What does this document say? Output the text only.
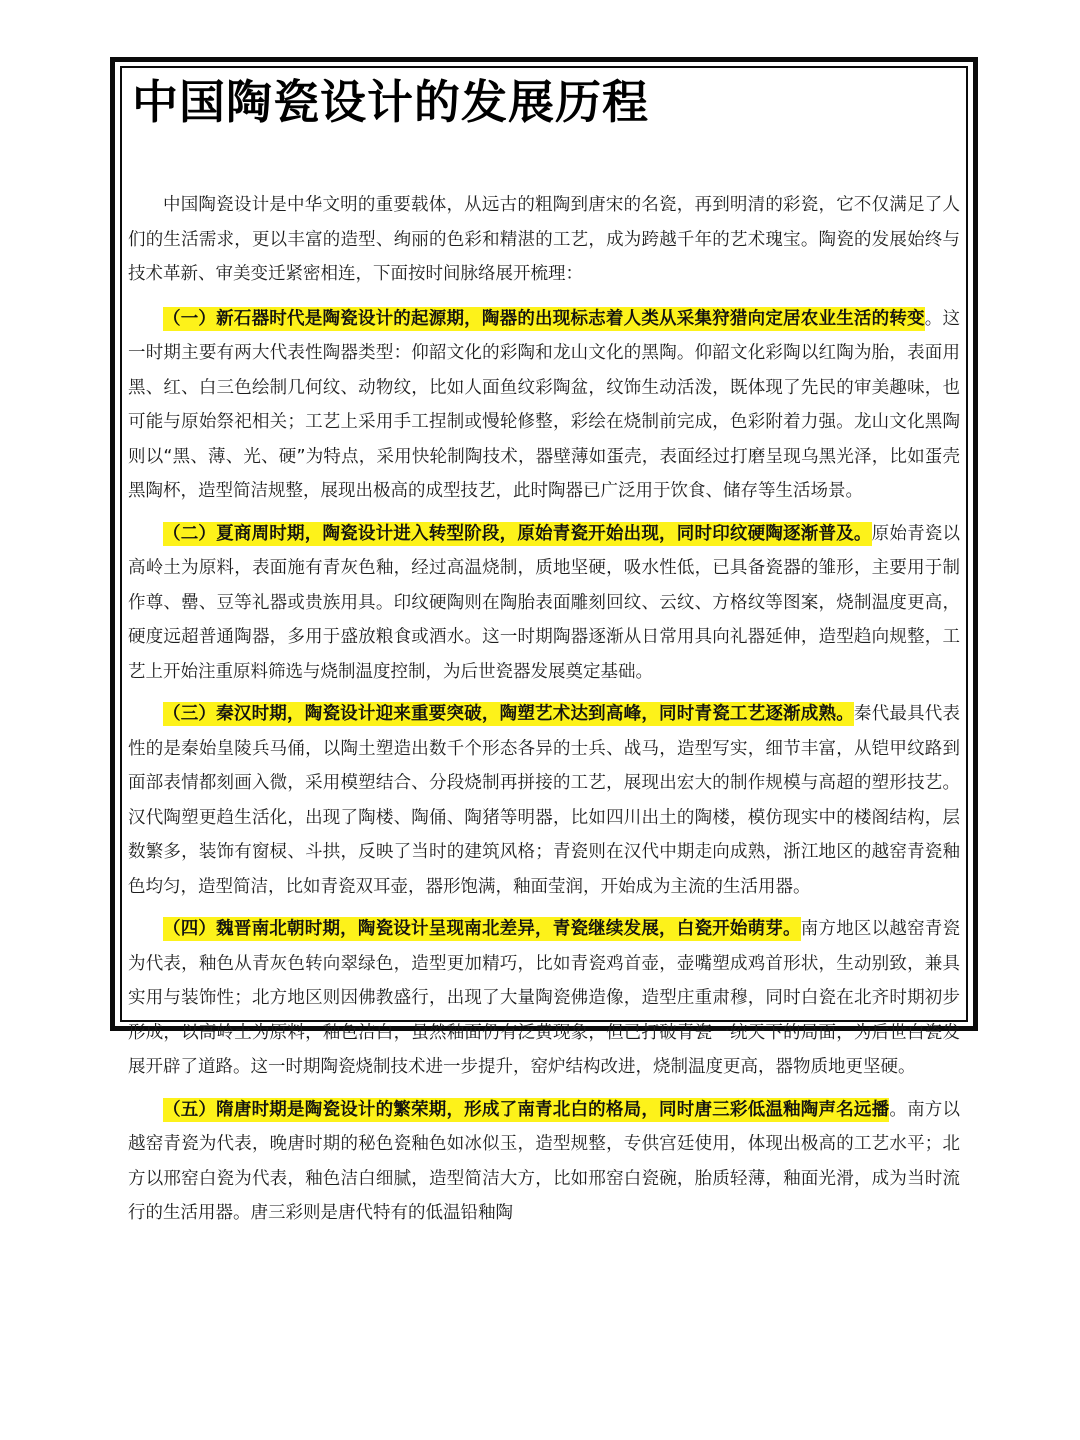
中国陶瓷设计的发展历程

中国陶瓷设计是中华文明的重要载体，从远古的粗陶到唐宋的名瓷，再到明清的彩瓷，它不仅满足了人们的生活需求，更以丰富的造型、绚丽的色彩和精湛的工艺，成为跨越千年的艺术瑰宝。陶瓷的发展始终与技术革新、审美变迁紧密相连，下面按时间脉络展开梳理：

（一）新石器时代是陶瓷设计的起源期，陶器的出现标志着人类从采集狩猎向定居农业生活的转变。这一时期主要有两大代表性陶器类型：仰韶文化的彩陶和龙山文化的黑陶。仰韶文化彩陶以红陶为胎，表面用黑、红、白三色绘制几何纹、动物纹，比如人面鱼纹彩陶盆，纹饰生动活泼，既体现了先民的审美趣味，也可能与原始祭祀相关；工艺上采用手工捏制或慢轮修整，彩绘在烧制前完成，色彩附着力强。龙山文化黑陶则以“黑、薄、光、硬”为特点，采用快轮制陶技术，器壁薄如蛋壳，表面经过打磨呈现乌黑光泽，比如蛋壳黑陶杯，造型简洁规整，展现出极高的成型技艺，此时陶器已广泛用于饮食、储存等生活场景。

（二）夏商周时期，陶瓷设计进入转型阶段，原始青瓷开始出现，同时印纹硬陶逐渐普及。原始青瓷以高岭土为原料，表面施有青灰色釉，经过高温烧制，质地坚硬，吸水性低，已具备瓷器的雏形，主要用于制作尊、罍、豆等礼器或贵族用具。印纹硬陶则在陶胎表面雕刻回纹、云纹、方格纹等图案，烧制温度更高，硬度远超普通陶器，多用于盛放粮食或酒水。这一时期陶器逐渐从日常用具向礼器延伸，造型趋向规整，工艺上开始注重原料筛选与烧制温度控制，为后世瓷器发展奠定基础。

（三）秦汉时期，陶瓷设计迎来重要突破，陶塑艺术达到高峰，同时青瓷工艺逐渐成熟。秦代最具代表性的是秦始皇陵兵马俑，以陶土塑造出数千个形态各异的士兵、战马，造型写实，细节丰富，从铠甲纹路到面部表情都刻画入微，采用模塑结合、分段烧制再拼接的工艺，展现出宏大的制作规模与高超的塑形技艺。汉代陶塑更趋生活化，出现了陶楼、陶俑、陶猪等明器，比如四川出土的陶楼，模仿现实中的楼阁结构，层数繁多，装饰有窗棂、斗拱，反映了当时的建筑风格；青瓷则在汉代中期走向成熟，浙江地区的越窑青瓷釉色均匀，造型简洁，比如青瓷双耳壶，器形饱满，釉面莹润，开始成为主流的生活用器。

（四）魏晋南北朝时期，陶瓷设计呈现南北差异，青瓷继续发展，白瓷开始萌芽。南方地区以越窑青瓷为代表，釉色从青灰色转向翠绿色，造型更加精巧，比如青瓷鸡首壶，壶嘴塑成鸡首形状，生动别致，兼具实用与装饰性；北方地区则因佛教盛行，出现了大量陶瓷佛造像，造型庄重肃穆，同时白瓷在北齐时期初步形成，以高岭土为原料，釉色洁白，虽然釉面仍有泛黄现象，但已打破青瓷一统天下的局面，为后世白瓷发展开辟了道路。这一时期陶瓷烧制技术进一步提升，窑炉结构改进，烧制温度更高，器物质地更坚硬。

（五）隋唐时期是陶瓷设计的繁荣期，形成了南青北白的格局，同时唐三彩低温釉陶声名远播。南方以越窑青瓷为代表，晚唐时期的秘色瓷釉色如冰似玉，造型规整，专供宫廷使用，体现出极高的工艺水平；北方以邢窑白瓷为代表，釉色洁白细腻，造型简洁大方，比如邢窑白瓷碗，胎质轻薄，釉面光滑，成为当时流行的生活用器。唐三彩则是唐代特有的低温铅釉陶
